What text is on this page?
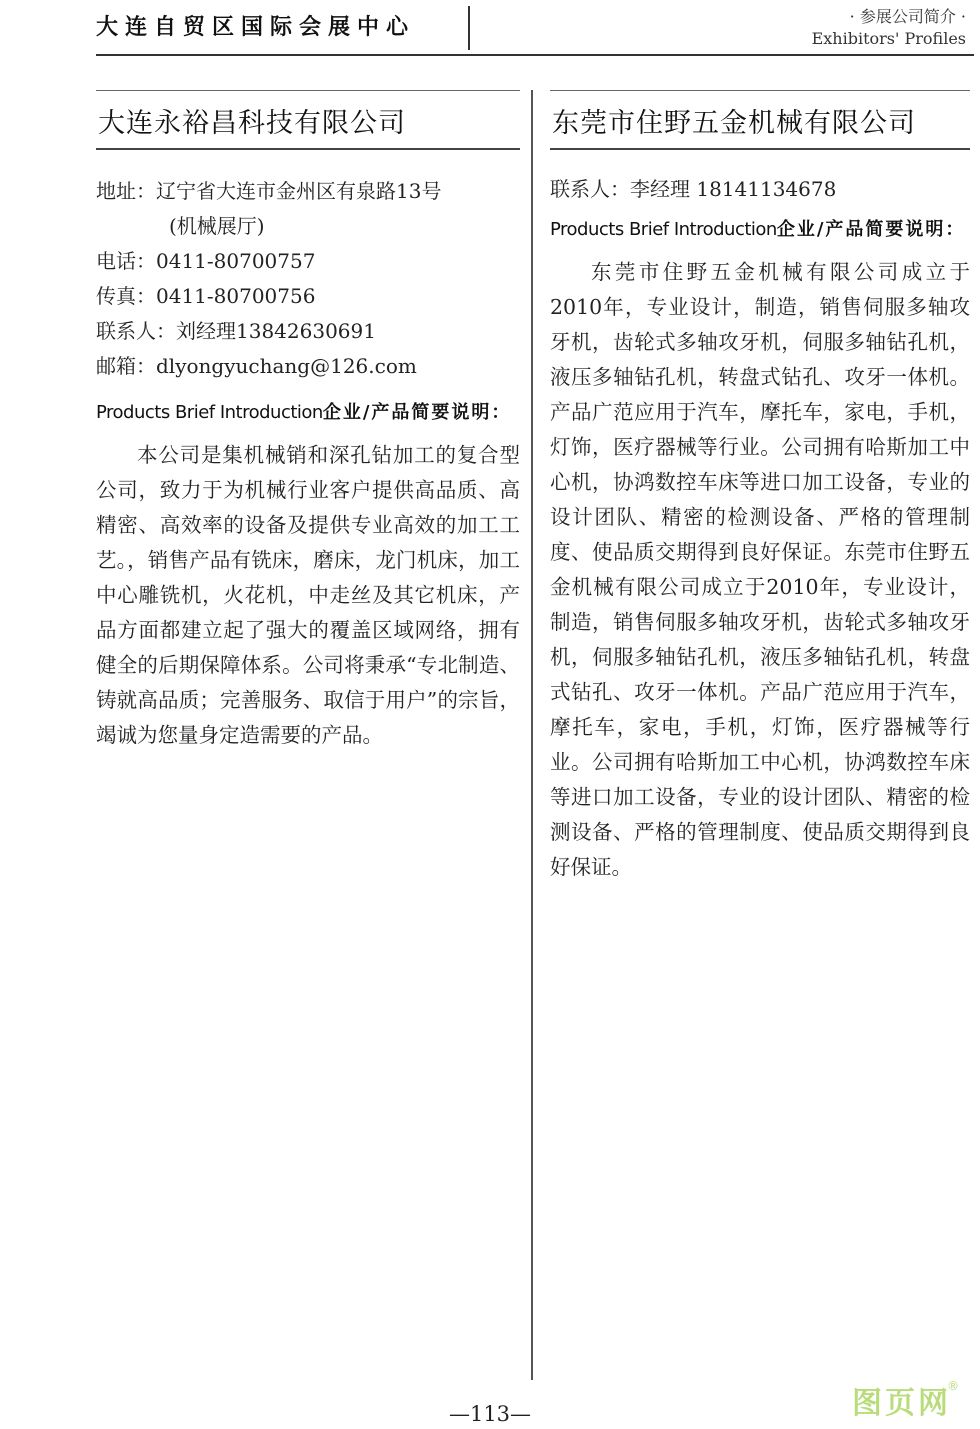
大连自贸区国际会展中心	· 参展公司简介 ·
Exhibitors' Profiles
大连永裕昌科技有限公司
地址：辽宁省大连市金州区有泉路13号
(机械展厅)
电话：0411-80700757
传真：0411-80700756
联系人：刘经理13842630691
邮箱：dlyongyuchang@126.com
Products Brief Introduction企业/产品简要说明：
本公司是集机械销和深孔钻加工的复合型公司，致力于为机械行业客户提供高品质、高精密、高效率的设备及提供专业高效的加工工艺。，销售产品有铣床，磨床，龙门机床，加工中心雕铣机，火花机，中走丝及其它机床，产品方面都建立起了强大的覆盖区域网络，拥有健全的后期保障体系。公司将秉承“专北制造、铸就高品质；完善服务、取信于用户”的宗旨，竭诚为您量身定造需要的产品。
东莞市住野五金机械有限公司
联系人：李经理 18141134678
Products Brief Introduction企业/产品简要说明：
东莞市住野五金机械有限公司成立于2010年，专业设计，制造，销售伺服多轴攻牙机，齿轮式多轴攻牙机，伺服多轴钻孔机，液压多轴钻孔机，转盘式钻孔、攻牙一体机。产品广范应用于汽车，摩托车，家电，手机，灯饰，医疗器械等行业。公司拥有哈斯加工中心机，协鸿数控车床等进口加工设备，专业的设计团队、精密的检测设备、严格的管理制度、使品质交期得到良好保证。东莞市住野五金机械有限公司成立于2010年，专业设计，制造，销售伺服多轴攻牙机，齿轮式多轴攻牙机，伺服多轴钻孔机，液压多轴钻孔机，转盘式钻孔、攻牙一体机。产品广范应用于汽车，摩托车，家电，手机，灯饰，医疗器械等行业。公司拥有哈斯加工中心机，协鸿数控车床等进口加工设备，专业的设计团队、精密的检测设备、严格的管理制度、使品质交期得到良好保证。
—113—	图页网®
